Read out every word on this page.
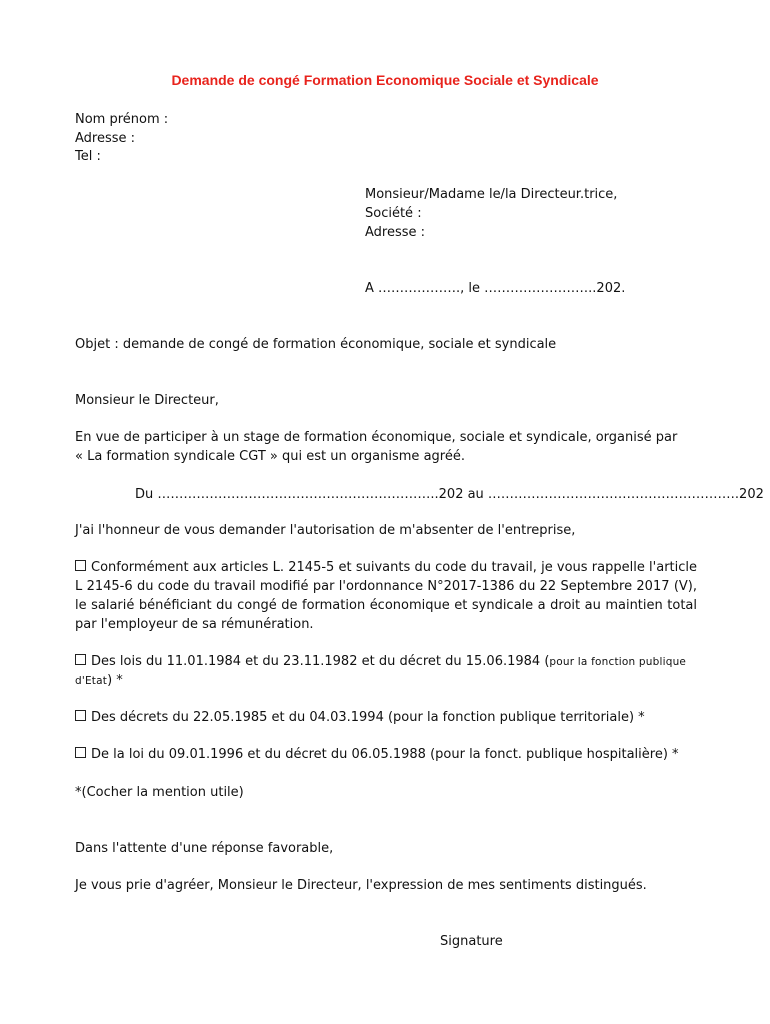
Demande de congé Formation Economique Sociale et Syndicale
Nom prénom :
Adresse :
Tel :
Monsieur/Madame le/la Directeur.trice,
Société :
Adresse :
A ………………., le ……………………..202.
Objet : demande de congé de formation économique, sociale et syndicale
Monsieur le Directeur,
En vue de participer à un stage de formation économique, sociale et syndicale, organisé par
« La formation syndicale CGT » qui est un organisme agréé.
Du ………………………………………………………..202 au ………………………………………………….202
J'ai l'honneur de vous demander l'autorisation de m'absenter de l'entreprise,
Conformément aux articles L. 2145-5 et suivants du code du travail, je vous rappelle l'article L 2145-6 du code du travail modifié par l'ordonnance N°2017-1386 du 22 Septembre 2017 (V), le salarié bénéficiant du congé de formation économique et syndicale a droit au maintien total par l'employeur de sa rémunération.
Des lois du 11.01.1984 et du 23.11.1982 et du décret du 15.06.1984 (pour la fonction publique
d'Etat) *
Des décrets du 22.05.1985 et du 04.03.1994 (pour la fonction publique territoriale) *
De la loi du 09.01.1996 et du décret du 06.05.1988 (pour la fonct. publique hospitalière) *
*(Cocher la mention utile)
Dans l'attente d'une réponse favorable,
Je vous prie d'agréer, Monsieur le Directeur, l'expression de mes sentiments distingués.
Signature
